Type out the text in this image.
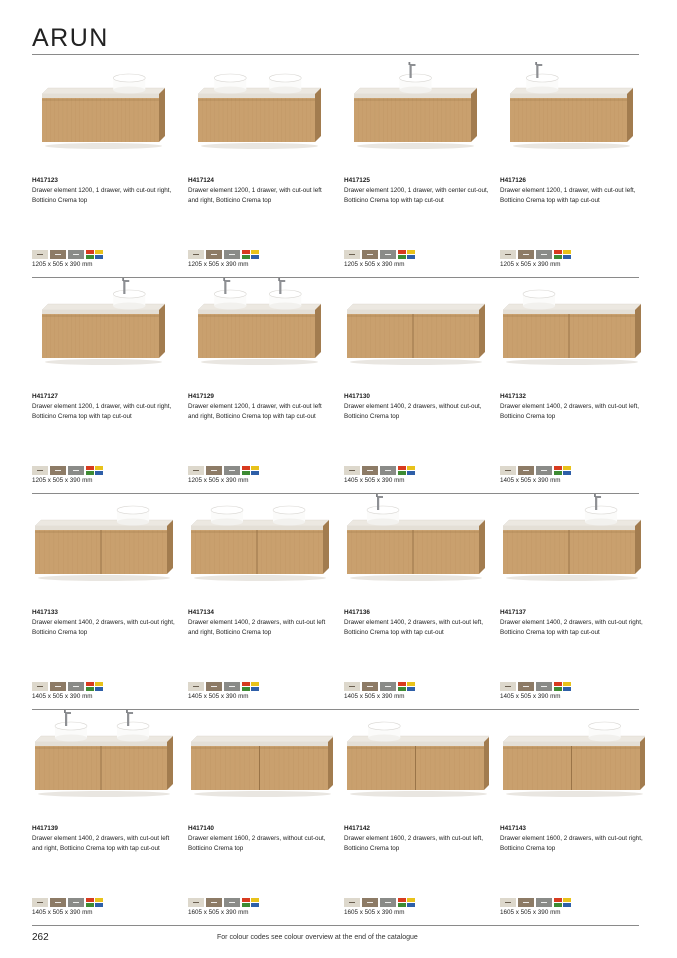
ARUN
H417123
Drawer element 1200, 1 drawer, with cut-out right, Botticino Crema top
1205 x 505 x 390 mm
H417124
Drawer element 1200, 1 drawer, with cut-out left and right, Botticino Crema top
1205 x 505 x 390 mm
H417125
Drawer element 1200, 1 drawer, with center cut-out, Botticino Crema top with tap cut-out
1205 x 505 x 390 mm
H417126
Drawer element 1200, 1 drawer, with cut-out left, Botticino Crema top with tap cut-out
1205 x 505 x 390 mm
H417127
Drawer element 1200, 1 drawer, with cut-out right, Botticino Crema top with tap cut-out
1205 x 505 x 390 mm
H417129
Drawer element 1200, 1 drawer, with cut-out left and right, Botticino Crema top with tap cut-out
1205 x 505 x 390 mm
H417130
Drawer element 1400, 2 drawers, without cut-out, Botticino Crema top
1405 x 505 x 390 mm
H417132
Drawer element 1400, 2 drawers, with cut-out left, Botticino Crema top
1405 x 505 x 390 mm
H417133
Drawer element 1400, 2 drawers, with cut-out right, Botticino Crema top
1405 x 505 x 390 mm
H417134
Drawer element 1400, 2 drawers, with cut-out left and right, Botticino Crema top
1405 x 505 x 390 mm
H417136
Drawer element 1400, 2 drawers, with cut-out left, Botticino Crema top with tap cut-out
1405 x 505 x 390 mm
H417137
Drawer element 1400, 2 drawers, with cut-out right, Botticino Crema top with tap cut-out
1405 x 505 x 390 mm
H417139
Drawer element 1400, 2 drawers, with cut-out left and right, Botticino Crema top with tap cut-out
1405 x 505 x 390 mm
H417140
Drawer element 1600, 2 drawers, without cut-out, Botticino Crema top
1605 x 505 x 390 mm
H417142
Drawer element 1600, 2 drawers, with cut-out left, Botticino Crema top
1605 x 505 x 390 mm
H417143
Drawer element 1600, 2 drawers, with cut-out right, Botticino Crema top
1605 x 505 x 390 mm
262	For colour codes see colour overview at the end of the catalogue
